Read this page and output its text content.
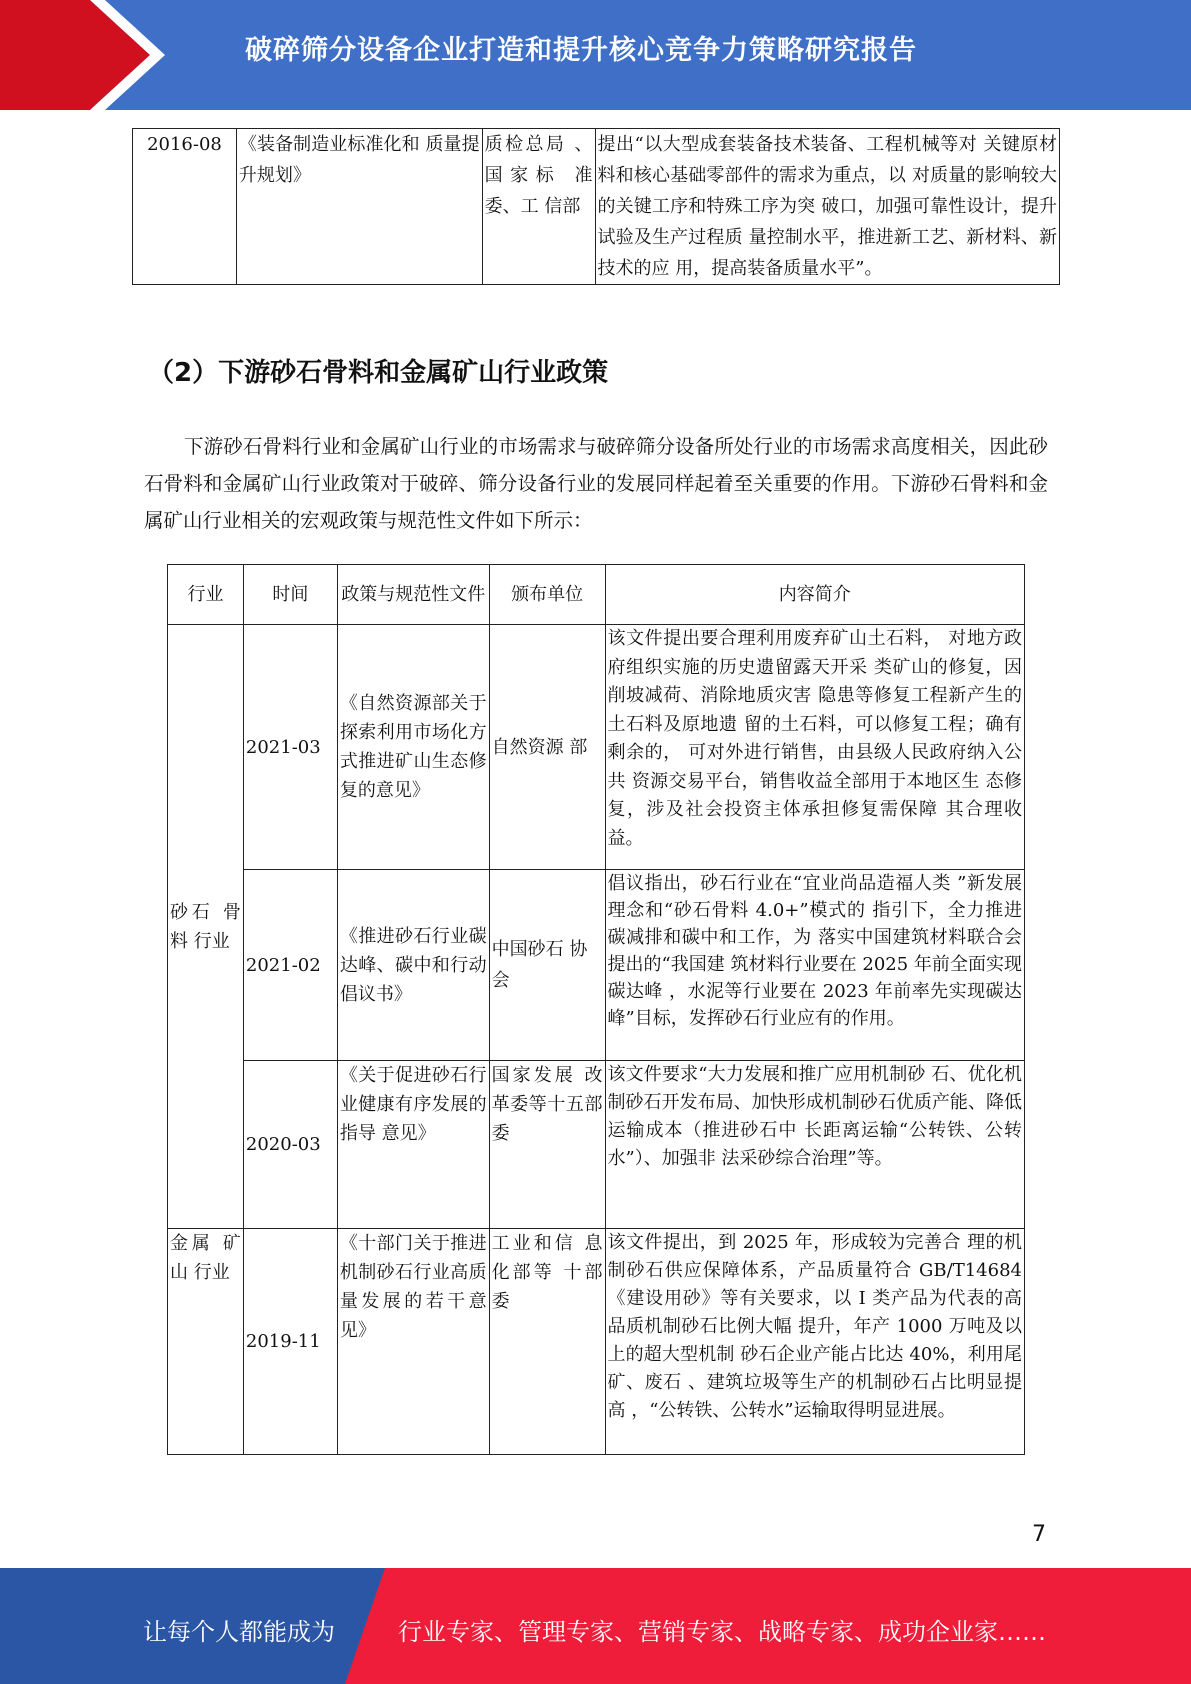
破碎筛分设备企业打造和提升核心竞争力策略研究报告
2016-08	《装备制造业标准化和 质量提升规划》	质检总局 、国家标 准委、工 信部	提出“以大型成套装备技术装备、工程机械等对 关键原材料和核心基础零部件的需求为重点，以 对质量的影响较大的关键工序和特殊工序为突 破口，加强可靠性设计，提升试验及生产过程质 量控制水平，推进新工艺、新材料、新技术的应 用，提高装备质量水平”。
（2）下游砂石骨料和金属矿山行业政策

下游砂石骨料行业和金属矿山行业的市场需求与破碎筛分设备所处行业的市场需求高度相关，因此砂石骨料和金属矿山行业政策对于破碎、筛分设备行业的发展同样起着至关重要的作用。下游砂石骨料和金属矿山行业相关的宏观政策与规范性文件如下所示：

行业	时间	政策与规范性文件	颁布单位	内容简介
砂石 骨料 行业	2021-03	《自然资源部关于探索利用市场化方式推进矿山生态修复的意见》	自然资源 部	该文件提出要合理利用废弃矿山土石料， 对地方政府组织实施的历史遗留露天开采 类矿山的修复，因削坡减荷、消除地质灾害 隐患等修复工程新产生的土石料及原地遗 留的土石料，可以修复工程；确有剩余的， 可对外进行销售，由县级人民政府纳入公共 资源交易平台，销售收益全部用于本地区生 态修复，涉及社会投资主体承担修复需保障 其合理收益。
	2021-02	《推进砂石行业碳达峰、碳中和行动倡议书》	中国砂石 协会	倡议指出，砂石行业在“宜业尚品造福人类 ”新发展理念和“砂石骨料 4.0+”模式的 指引下，全力推进碳减排和碳中和工作，为 落实中国建筑材料联合会提出的“我国建 筑材料行业要在 2025 年前全面实现碳达峰 ，水泥等行业要在 2023 年前率先实现碳达 峰”目标，发挥砂石行业应有的作用。
	2020-03	《关于促进砂石行业健康有序发展的指导 意见》	国家发展 改革委等十五部委	该文件要求“大力发展和推广应用机制砂 石、优化机制砂石开发布局、加快形成机制砂石优质产能、降低运输成本（推进砂石中 长距离运输“公转铁、公转水”）、加强非 法采砂综合治理”等。
金属 矿山 行业	2019-11	《十部门关于推进机制砂石行业高质量发展的若干意见》	工业和信 息化部等 十部委	该文件提出，到 2025 年，形成较为完善合 理的机制砂石供应保障体系，产品质量符合 GB/T14684《建设用砂》等有关要求，以 I 类产品为代表的高品质机制砂石比例大幅 提升，年产 1000 万吨及以上的超大型机制 砂石企业产能占比达 40%，利用尾矿、废石 、建筑垃圾等生产的机制砂石占比明显提高 ，“公转铁、公转水”运输取得明显进展。
7
让每个人都能成为	行业专家、管理专家、营销专家、战略专家、成功企业家……
